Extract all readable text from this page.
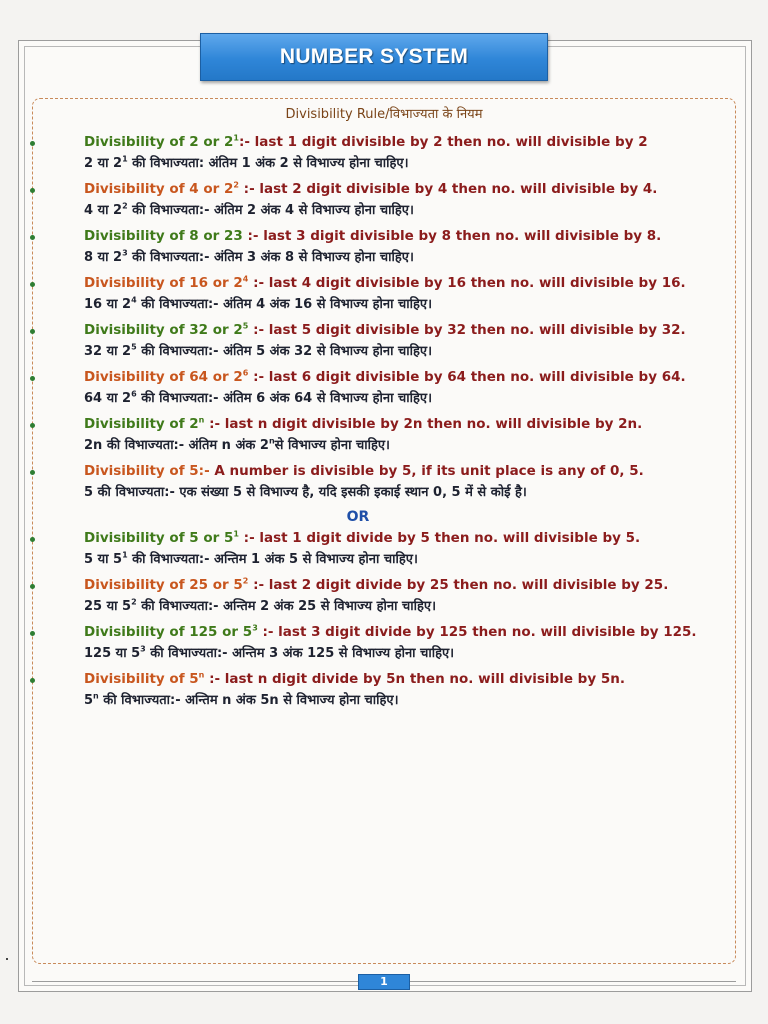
NUMBER SYSTEM
Divisibility Rule/विभाज्यता के नियम
Divisibility of 2 or $2^1:-$ last 1 digit divisible by 2 then no. will divisible by 2
2 या $2^1$ की विभाज्यता: अंतिम 1 अंक 2 से विभाज्य होना चाहिए।
Divisibility of 4 or $2^2$ :- last 2 digit divisible by 4 then no. will divisible by 4.
4 या $2^2$ की विभाज्यता:- अंतिम 2 अंक 4 से विभाज्य होना चाहिए।
Divisibility of 8 or 23 :- last 3 digit divisible by 8 then no. will divisible by 8.
8 या $2^3$ की विभाज्यता:- अंतिम 3 अंक 8 से विभाज्य होना चाहिए।
Divisibility of 16 or $2^4$ :- last 4 digit divisible by 16 then no. will divisible by 16.
16 या $2^4$ की विभाज्यता:- अंतिम 4 अंक 16 से विभाज्य होना चाहिए।
Divisibility of 32 or $2^5$ :- last 5 digit divisible by 32 then no. will divisible by 32.
32 या $2^5$ की विभाज्यता:- अंतिम 5 अंक 32 से विभाज्य होना चाहिए।
Divisibility of 64 or $2^6$ :- last 6 digit divisible by 64 then no. will divisible by 64.
64 या $2^6$ की विभाज्यता:- अंतिम 6 अंक 64 से विभाज्य होना चाहिए।
Divisibility of 2$^n$ :- last n digit divisible by 2n then no. will divisible by 2n.
2n की विभाज्यता:- अंतिम n अंक 2$^n$से विभाज्य होना चाहिए।
Divisibility of 5:- A number is divisible by 5, if its unit place is any of 0, 5.
5 की विभाज्यता:- एक संख्या 5 से विभाज्य है, यदि इसकी इकाई स्थान 0, 5 में से कोई है।
OR
Divisibility of 5 or $5^1$ :- last 1 digit divide by 5 then no. will divisible by 5.
5 या $5^1$ की विभाज्यता:- अन्तिम 1 अंक 5 से विभाज्य होना चाहिए।
Divisibility of 25 or $5^2$ :- last 2 digit divide by 25 then no. will divisible by 25.
25 या $5^2$ की विभाज्यता:- अन्तिम 2 अंक 25 से विभाज्य होना चाहिए।
Divisibility of 125 or $5^3$ :- last 3 digit divide by 125 then no. will divisible by 125.
125 या $5^3$ की विभाज्यता:- अन्तिम 3 अंक 125 से विभाज्य होना चाहिए।
Divisibility of 5$^n$ :- last n digit divide by 5n then no. will divisible by 5n.
5$^n$ की विभाज्यता:- अन्तिम n अंक 5n से विभाज्य होना चाहिए।
1
